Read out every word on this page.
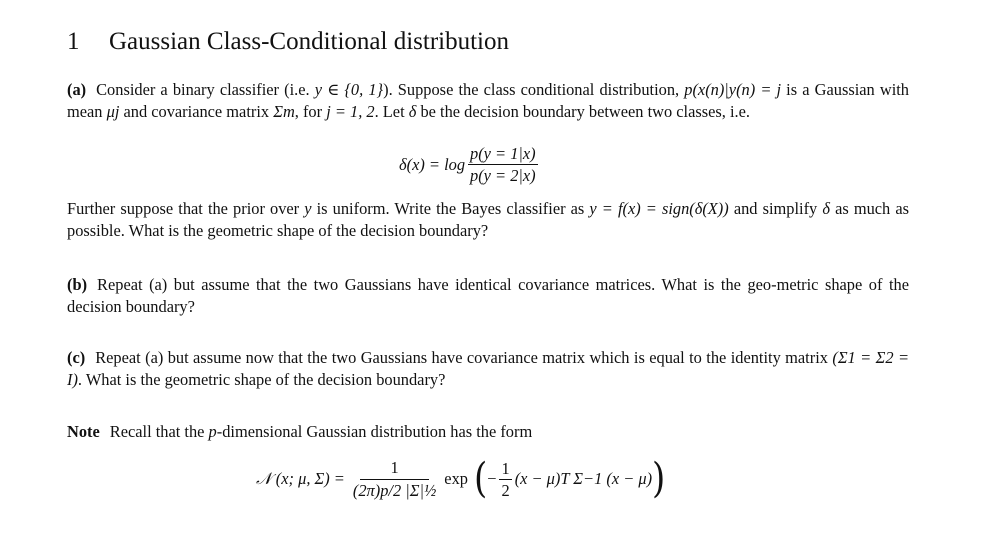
1 Gaussian Class-Conditional distribution
(a) Consider a binary classifier (i.e. y ∈ {0, 1}). Suppose the class conditional distribution, p(x(n)|y(n) = j is a Gaussian with mean μj and covariance matrix Σm, for j = 1, 2. Let δ be the decision boundary between two classes, i.e.
$\delta(x) = \log \frac{p(y = 1|x)}{p(y = 2|x)}$
Further suppose that the prior over y is uniform. Write the Bayes classifier as y = f(x) = sign(δ(X)) and simplify δ as much as possible. What is the geometric shape of the decision boundary?
(b) Repeat (a) but assume that the two Gaussians have identical covariance matrices. What is the geo-metric shape of the decision boundary?
(c) Repeat (a) but assume now that the two Gaussians have covariance matrix which is equal to the identity matrix (Σ1 = Σ2 = I). What is the geometric shape of the decision boundary?
Note Recall that the p-dimensional Gaussian distribution has the form
𝒩 (x; μ, $\Sigma) = \frac{1}{\text{(2π)p/2 |Σ|½}}$ exp ( − $\frac{1}{2} (x - \mu)T$ Σ−1 (x − μ) )
